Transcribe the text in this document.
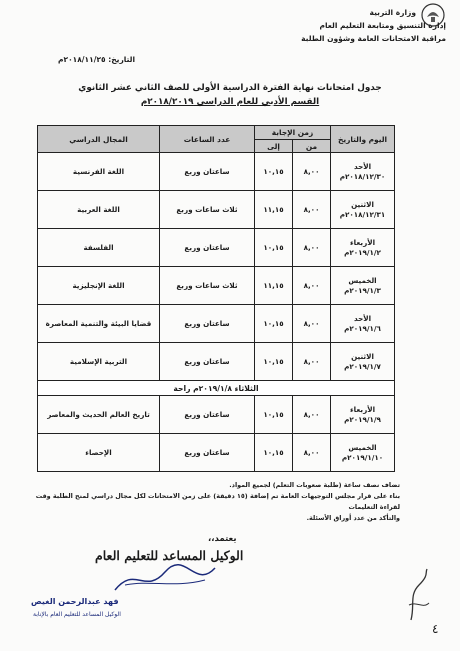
وزارة التربية
إدارة التنسيق ومتابعة التعليم العام
مراقبة الامتحانات العامة وشؤون الطلبة
التاريخ: ٢٠١٨/١١/٢٥م
جدول امتحانات نهاية الفترة الدراسية الأولى للصف الثاني عشر الثانوي
القسم الأدبي للعام الدراسي ٢٠١٨/٢٠١٩م
اليوم والتاريخ	زمن الإجابة		عدد الساعات	المجال الدراسي
	من	إلى		

الأحد
٢٠١٨/١٢/٣٠م	٨,٠٠	١٠,١٥	ساعتان وربع	اللغة الفرنسية

الاثنين
٢٠١٨/١٢/٣١م	٨,٠٠	١١,١٥	ثلاث ساعات وربع	اللغة العربية

الأربعاء
٢٠١٩/١/٢م	٨,٠٠	١٠,١٥	ساعتان وربع	الفلسفة

الخميس
٢٠١٩/١/٣م	٨,٠٠	١١,١٥	ثلاث ساعات وربع	اللغة الإنجليزية

الأحد
٢٠١٩/١/٦م	٨,٠٠	١٠,١٥	ساعتان وربع	قضايا البيئة والتنمية المعاصرة

الاثنين
٢٠١٩/١/٧م	٨,٠٠	١٠,١٥	ساعتان وربع	التربية الإسلامية
الثلاثاء ٢٠١٩/١/٨م راحة				

الأربعاء
٢٠١٩/١/٩م	٨,٠٠	١٠,١٥	ساعتان وربع	تاريخ العالم الحديث والمعاصر

الخميس
٢٠١٩/١/١٠م	٨,٠٠	١٠,١٥	ساعتان وربع	الإحصاء
تضاف نصف ساعة (طلبة صعوبات التعلم) لجميع المواد.
بناء على قرار مجلس التوجيهات العامة تم إضافة (١٥ دقيقة) على زمن الامتحانات لكل مجال دراسي لمنح الطلبة وقت لقراءة التعليمات
والتأكد من عدد أوراق الأسئلة.
يعتمد،،
الوكيل المساعد للتعليم العام
فهد عبدالرحمن الغيص
الوكيل المساعد للتعليم العام بالإنابة
٤
